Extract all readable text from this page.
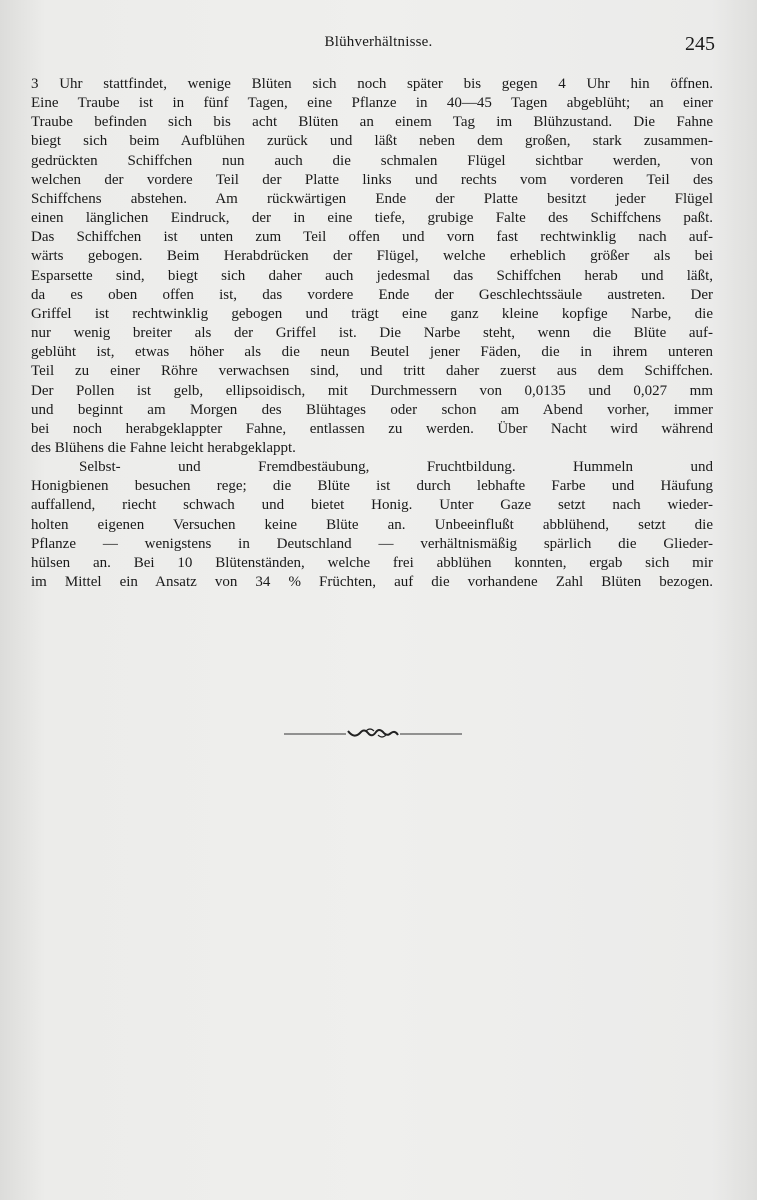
Blühverhältnisse.	245
3 Uhr stattfindet, wenige Blüten sich noch später bis gegen 4 Uhr hin öffnen.
Eine Traube ist in fünf Tagen, eine Pflanze in 40—45 Tagen abgeblüht; an einer
Traube befinden sich bis acht Blüten an einem Tag im Blühzustand. Die Fahne
biegt sich beim Aufblühen zurück und läßt neben dem großen, stark zusammen-
gedrückten Schiffchen nun auch die schmalen Flügel sichtbar werden, von
welchen der vordere Teil der Platte links und rechts vom vorderen Teil des
Schiffchens abstehen. Am rückwärtigen Ende der Platte besitzt jeder Flügel
einen länglichen Eindruck, der in eine tiefe, grubige Falte des Schiffchens paßt.
Das Schiffchen ist unten zum Teil offen und vorn fast rechtwinklig nach auf-
wärts gebogen. Beim Herabdrücken der Flügel, welche erheblich größer als bei
Esparsette sind, biegt sich daher auch jedesmal das Schiffchen herab und läßt,
da es oben offen ist, das vordere Ende der Geschlechtssäule austreten. Der
Griffel ist rechtwinklig gebogen und trägt eine ganz kleine kopfige Narbe, die
nur wenig breiter als der Griffel ist. Die Narbe steht, wenn die Blüte auf-
geblüht ist, etwas höher als die neun Beutel jener Fäden, die in ihrem unteren
Teil zu einer Röhre verwachsen sind, und tritt daher zuerst aus dem Schiffchen.
Der Pollen ist gelb, ellipsoidisch, mit Durchmessern von 0,0135 und 0,027 mm
und beginnt am Morgen des Blühtages oder schon am Abend vorher, immer
bei noch herabgeklappter Fahne, entlassen zu werden. Über Nacht wird während
des Blühens die Fahne leicht herabgeklappt.
Selbst- und Fremdbestäubung, Fruchtbildung. Hummeln und
Honigbienen besuchen rege; die Blüte ist durch lebhafte Farbe und Häufung
auffallend, riecht schwach und bietet Honig. Unter Gaze setzt nach wieder-
holten eigenen Versuchen keine Blüte an. Unbeeinflußt abblühend, setzt die
Pflanze — wenigstens in Deutschland — verhältnismäßig spärlich die Glieder-
hülsen an. Bei 10 Blütenständen, welche frei abblühen konnten, ergab sich mir
im Mittel ein Ansatz von 34 % Früchten, auf die vorhandene Zahl Blüten bezogen.
